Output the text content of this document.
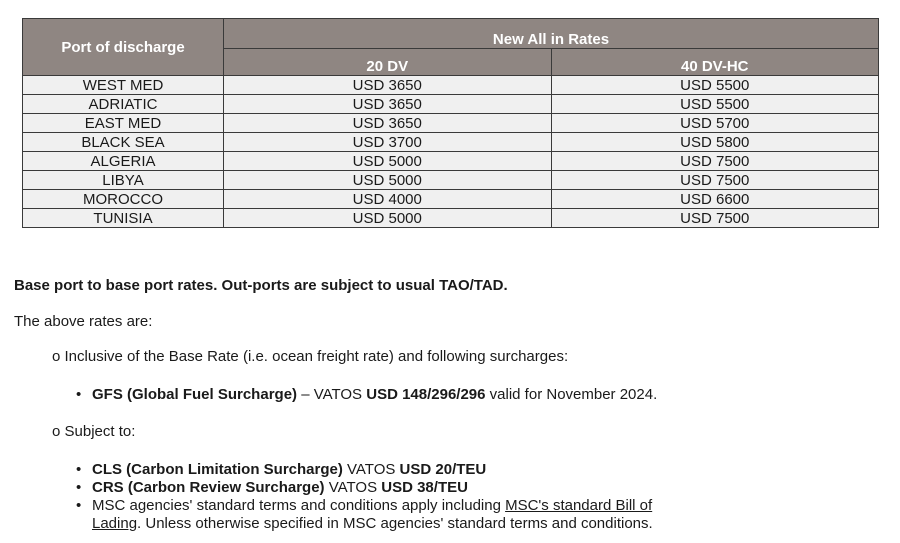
Port of discharge	New All in Rates	
	20 DV	40 DV-HC
WEST MED	USD 3650	USD 5500
ADRIATIC	USD 3650	USD 5500
EAST MED	USD 3650	USD 5700
BLACK SEA	USD 3700	USD 5800
ALGERIA	USD 5000	USD 7500
LIBYA	USD 5000	USD 7500
MOROCCO	USD 4000	USD 6600
TUNISIA	USD 5000	USD 7500

Base port to base port rates. Out-ports are subject to usual TAO/TAD.

The above rates are:

o Inclusive of the Base Rate (i.e. ocean freight rate) and following surcharges:

• GFS (Global Fuel Surcharge) – VATOS USD 148/296/296 valid for November 2024.

o Subject to:

• CLS (Carbon Limitation Surcharge) VATOS USD 20/TEU
• CRS (Carbon Review Surcharge) VATOS USD 38/TEU
• MSC agencies' standard terms and conditions apply including MSC's standard Bill of Lading. Unless otherwise specified in MSC agencies' standard terms and conditions.
